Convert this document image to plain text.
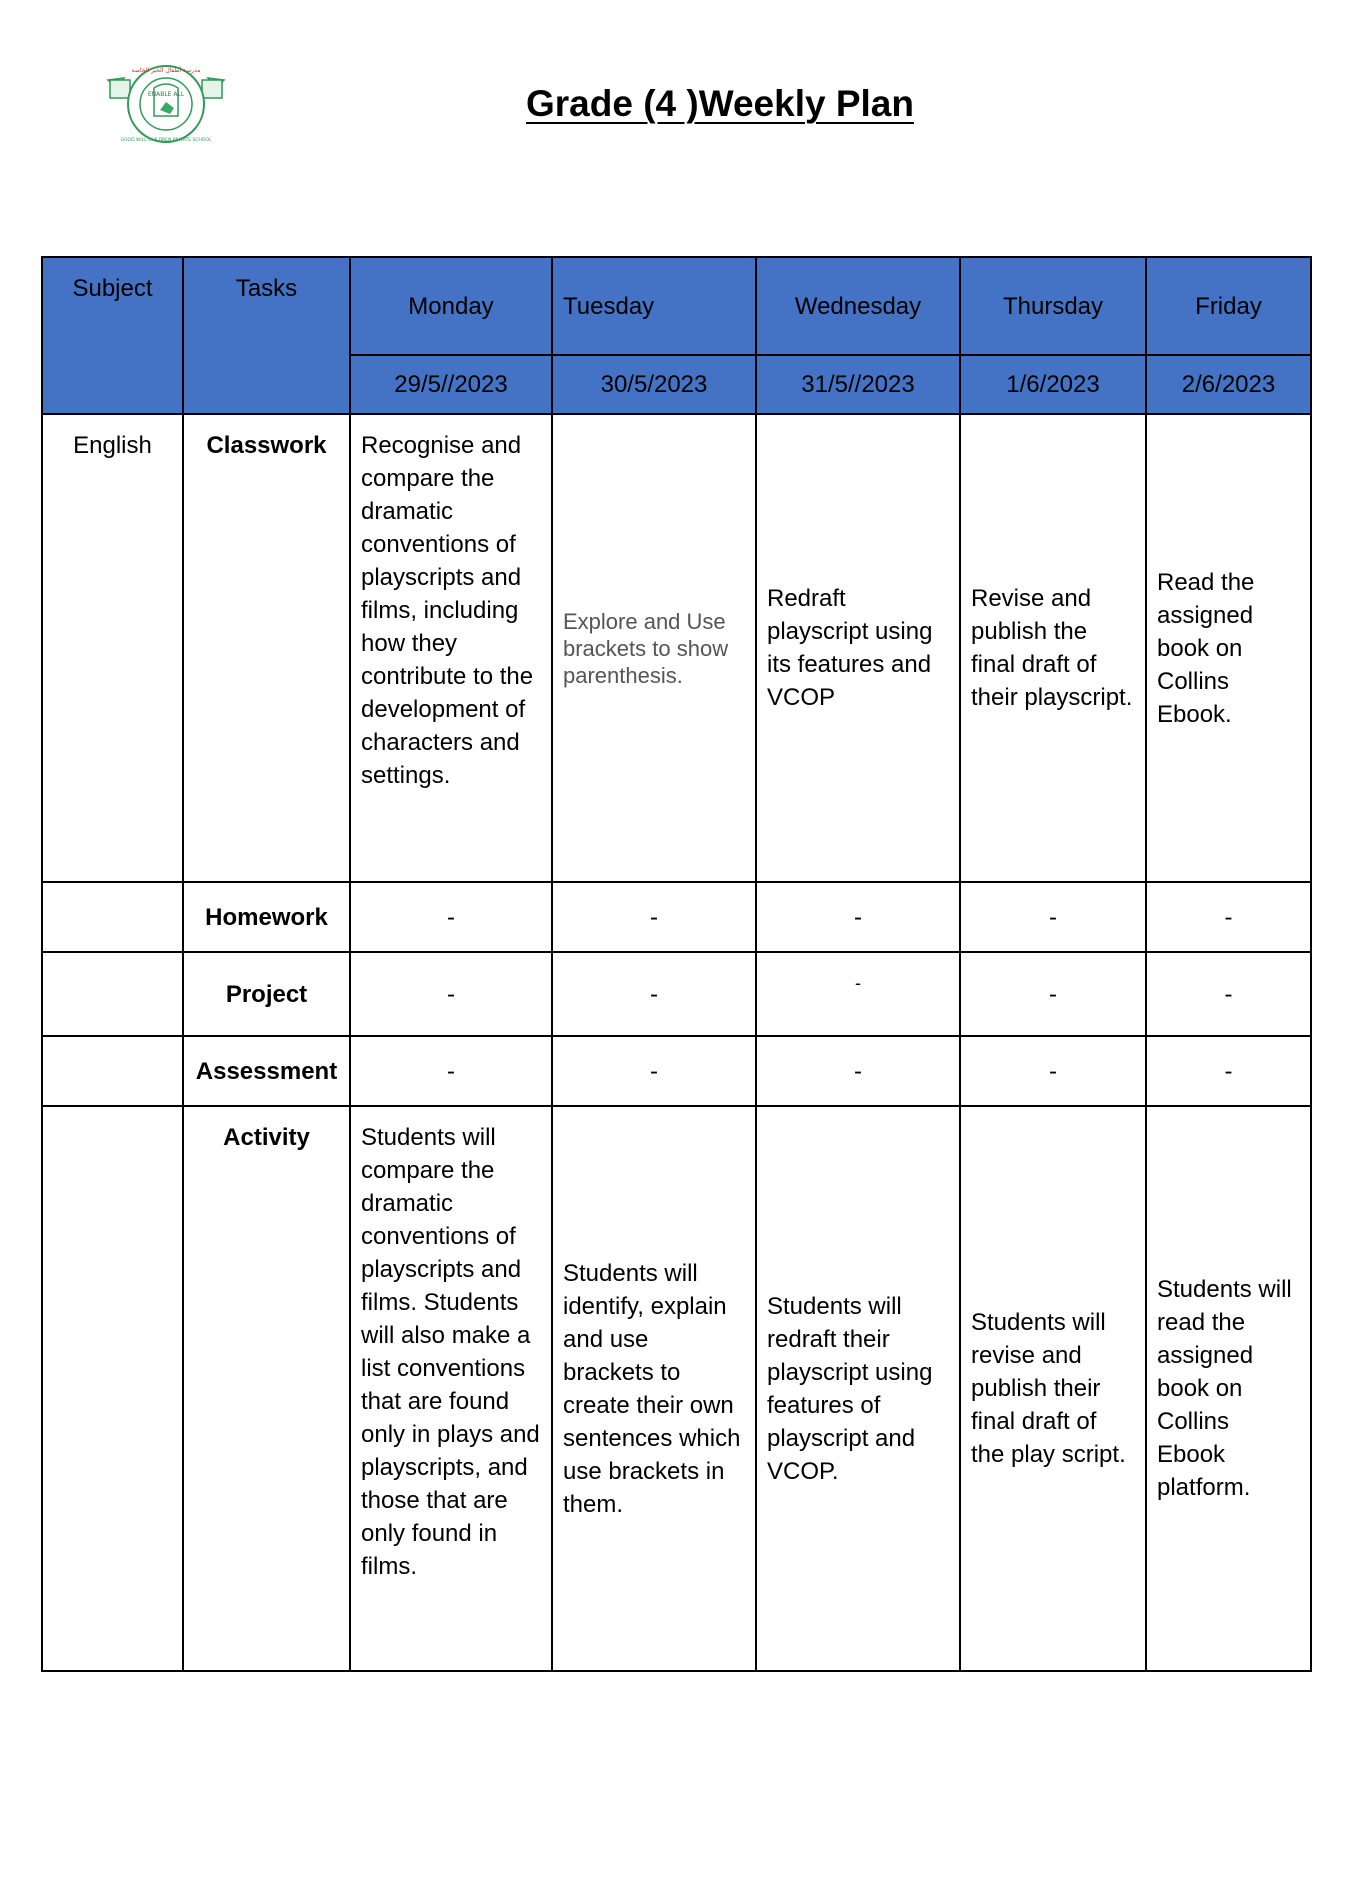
ENABLE ALL
مدرسة أطفال الخير الخاصة
GOOD WILL CHILDREN PRIVATE SCHOOL
Grade (4 )Weekly Plan
Subject	Tasks	Monday	Tuesday	Wednesday	Thursday	Friday
		29/5//2023	30/5/2023	31/5//2023	1/6/2023	2/6/2023
English	Classwork	Recognise and compare the dramatic conventions of playscripts and films, including how they contribute to the development of characters and settings.	Explore and Use brackets to show parenthesis.	Redraft playscript using its features and VCOP	Revise and publish the final draft of their playscript.	Read the assigned book on Collins Ebook.
	Homework	-	-	-	-	-
	Project	-	-	-	-	-
	Assessment	-	-	-	-	-
	Activity	Students will compare the dramatic conventions of playscripts and films. Students will also make a list conventions that are found only in plays and playscripts, and those that are only found in films.	Students will identify, explain and use brackets to create their own sentences which use brackets in them.	Students will redraft their playscript using features of playscript and VCOP.	Students will revise and publish their final draft of the play script.	Students will read the assigned book on Collins Ebook platform.
